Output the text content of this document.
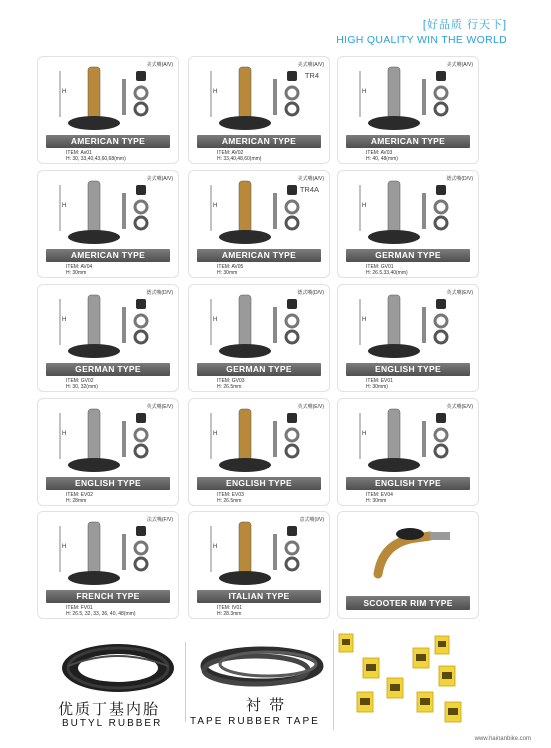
[好品质 行天下]
HIGH QUALITY WIN THE WORLD
H
美式嘴(A/V)
AMERICAN TYPE
ITEM: Av01
H: 30, 33,40,43,60,68(mm)
H
美式嘴(A/V)
TR4
AMERICAN TYPE
ITEM: AV02
H: 33,40,48,60(mm)
H
美式嘴(A/V)
AMERICAN TYPE
ITEM: AV03
H: 40, 48(mm)
H
美式嘴(A/V)
AMERICAN TYPE
ITEM: AV04
H: 30mm
H
美式嘴(A/V)
TR4A
AMERICAN TYPE
ITEM: AV05
H: 30mm
H
德式嘴(D/V)
GERMAN TYPE
ITEM: GV01
H: 26.5,33,40(mm)
H
德式嘴(D/V)
GERMAN TYPE
ITEM: GV02
H: 30, 32(mm)
H
德式嘴(D/V)
GERMAN TYPE
ITEM: GV03
H: 26.5mm
H
英式嘴(E/V)
ENGLISH TYPE
ITEM: EV01
H: 30mm)
H
英式嘴(E/V)
ENGLISH TYPE
ITEM: EV02
H: 28mm
H
英式嘴(E/V)
ENGLISH TYPE
ITEM: EV03
H: 26.5mm
H
英式嘴(E/V)
ENGLISH TYPE
ITEM: EV04
H: 30mm
H
法式嘴(F/V)
FRENCH TYPE
ITEM: FV01
H: 26.5, 32, 33, 36, 40, 48(mm)
H
意式嘴(I/V)
ITALIAN TYPE
ITEM: IV01
H: 28.3mm
SCOOTER RIM TYPE
优质丁基内胎
BUTYL RUBBER
衬 带
TAPE RUBBER TAPE
www.hainanbike.com
